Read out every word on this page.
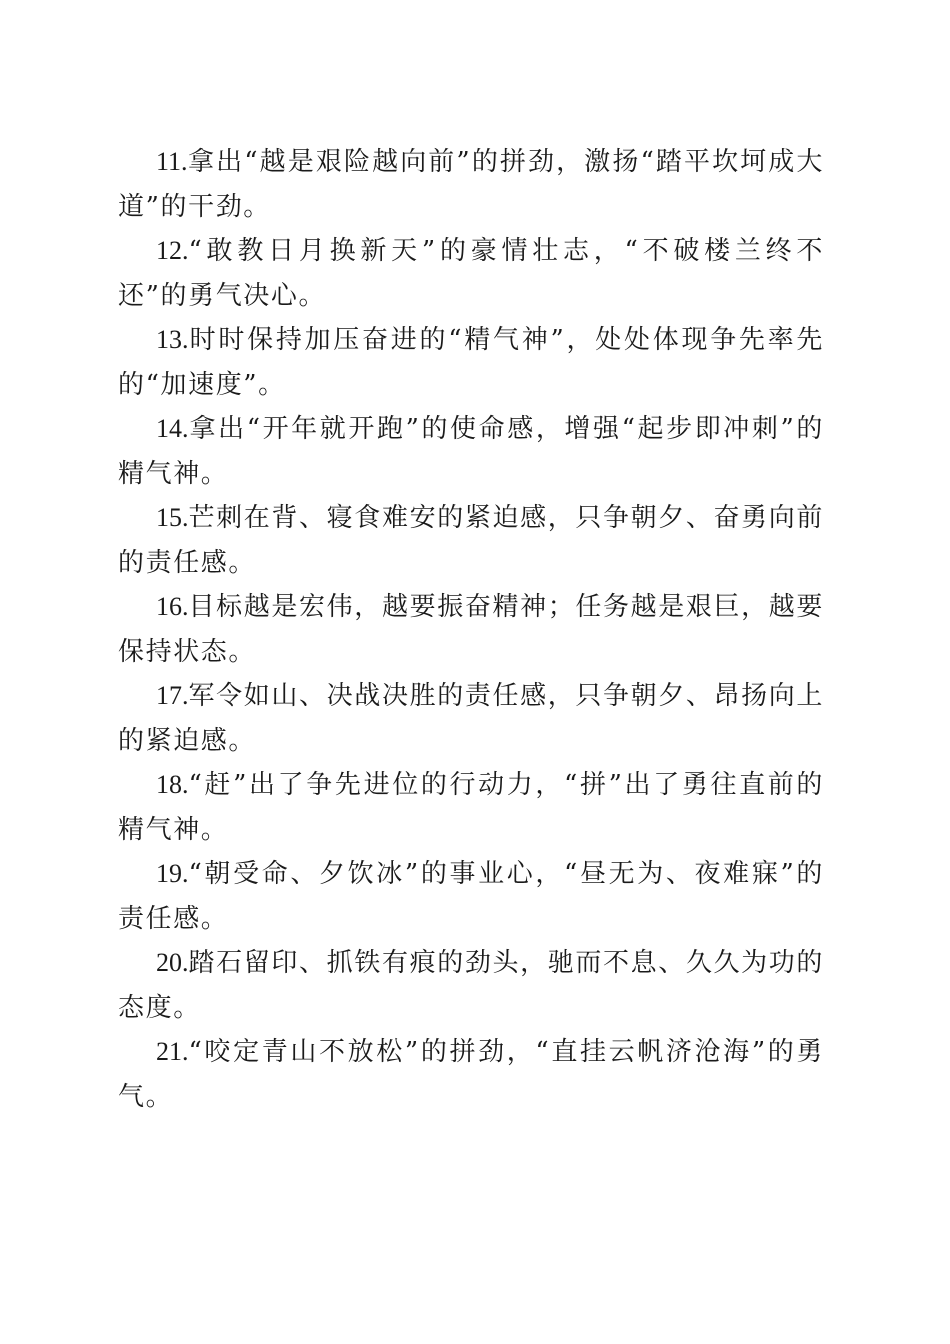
11.拿出“越是艰险越向前”的拼劲，激扬“踏平坎坷成大道”的干劲。

12.“敢教日月换新天”的豪情壮志，“不破楼兰终不还”的勇气决心。

13.时时保持加压奋进的“精气神”，处处体现争先率先的“加速度”。

14.拿出“开年就开跑”的使命感，增强“起步即冲刺”的精气神。

15.芒刺在背、寝食难安的紧迫感，只争朝夕、奋勇向前的责任感。

16.目标越是宏伟，越要振奋精神；任务越是艰巨，越要保持状态。

17.军令如山、决战决胜的责任感，只争朝夕、昂扬向上的紧迫感。

18.“赶”出了争先进位的行动力，“拼”出了勇往直前的精气神。

19.“朝受命、夕饮冰”的事业心，“昼无为、夜难寐”的责任感。

20.踏石留印、抓铁有痕的劲头，驰而不息、久久为功的态度。

21.“咬定青山不放松”的拼劲，“直挂云帆济沧海”的勇气。
